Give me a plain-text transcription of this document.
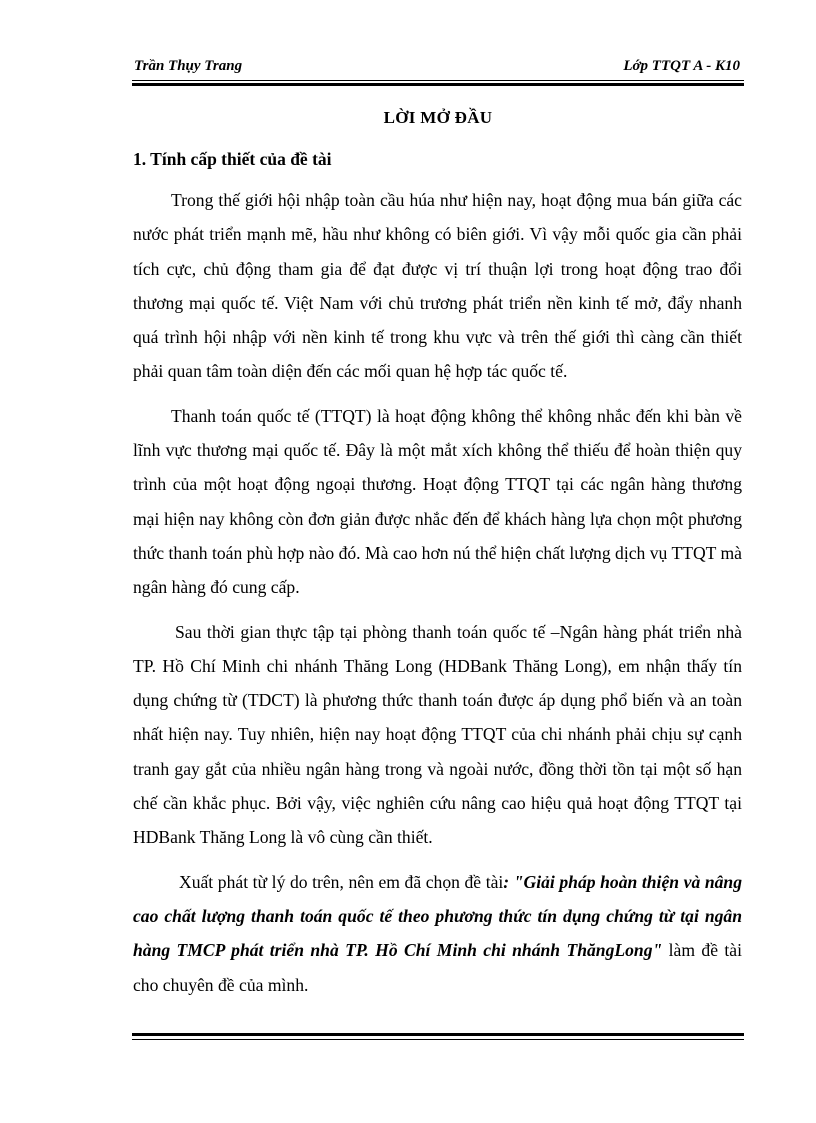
Trần Thụy Trang	Lớp TTQT A - K10
LỜI MỞ ĐẦU
1. Tính cấp thiết của đề tài

Trong thế giới hội nhập toàn cầu húa như hiện nay, hoạt động mua bán giữa các nước phát triển mạnh mẽ, hầu như không có biên giới. Vì vậy mỗi quốc gia cần phải tích cực, chủ động tham gia để đạt được vị trí thuận lợi trong hoạt động trao đổi thương mại quốc tế. Việt Nam với chủ trương phát triển nền kinh tế mở, đẩy nhanh quá trình hội nhập với nền kinh tế trong khu vực và trên thế giới thì càng cần thiết phải quan tâm toàn diện đến các mối quan hệ hợp tác quốc tế.

Thanh toán quốc tế (TTQT) là hoạt động không thể không nhắc đến khi bàn về lĩnh vực thương mại quốc tế. Đây là một mắt xích không thể thiếu để hoàn thiện quy trình của một hoạt động ngoại thương. Hoạt động TTQT tại các ngân hàng thương mại hiện nay không còn đơn giản được nhắc đến để khách hàng lựa chọn một phương thức thanh toán phù hợp nào đó. Mà cao hơn nú thể hiện chất lượng dịch vụ TTQT mà ngân hàng đó cung cấp.

Sau thời gian thực tập tại phòng thanh toán quốc tế –Ngân hàng phát triển nhà TP. Hồ Chí Minh chi nhánh Thăng Long (HDBank Thăng Long), em nhận thấy tín dụng chứng từ (TDCT) là phương thức thanh toán được áp dụng phổ biến và an toàn nhất hiện nay. Tuy nhiên, hiện nay hoạt động TTQT của chi nhánh phải chịu sự cạnh tranh gay gắt của nhiều ngân hàng trong và ngoài nước, đồng thời tồn tại một số hạn chế cần khắc phục. Bởi vậy, việc nghiên cứu nâng cao hiệu quả hoạt động TTQT tại HDBank Thăng Long là vô cùng cần thiết.

Xuất phát từ lý do trên, nên em đã chọn đề tài: "Giải pháp hoàn thiện và nâng cao chất lượng thanh toán quốc tế theo phương thức tín dụng chứng từ tại ngân hàng TMCP phát triển nhà TP. Hồ Chí Minh chi nhánh ThăngLong" làm đề tài cho chuyên đề của mình.
